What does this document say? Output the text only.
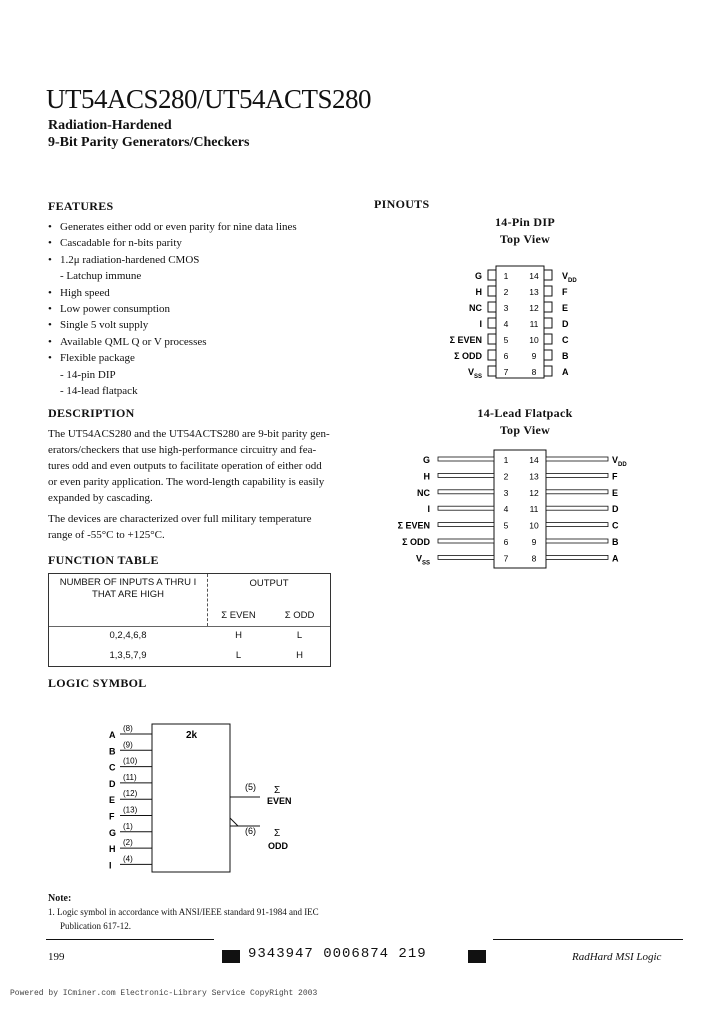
UT54ACS280/UT54ACTS280
Radiation-Hardened
9-Bit Parity Generators/Checkers
FEATURES
• Generates either odd or even parity for nine data lines
• Cascadable for n-bits parity
• 1.2μ radiation-hardened CMOS
- Latchup immune
• High speed
• Low power consumption
• Single 5 volt supply
• Available QML Q or V processes
• Flexible package
- 14-pin DIP
- 14-lead flatpack
DESCRIPTION
The UT54ACS280 and the UT54ACTS280 are 9-bit parity gen-
erators/checkers that use high-performance circuitry and fea-
tures odd and even outputs to facilitate operation of either odd
or even parity application. The word-length capability is easily
expanded by cascading.
The devices are characterized over full military temperature
range of -55°C to +125°C.
FUNCTION TABLE
NUMBER OF INPUTS A THRU I
THAT ARE HIGH
OUTPUT
Σ EVEN	Σ ODD
0,2,4,6,8	H	L
1,3,5,7,9	L	H
LOGIC SYMBOL
2k
A
(8)
B
(9)
C
(10)
D
(11)
E
(12)
F
(13)
G
(1)
H
(2)
I
(4)
(5) Σ
EVEN
(6) Σ
ODD
PINOUTS
14-Pin DIP
Top View
G	$V_{DD}$
1 14
H	F
2 13
NC	E
3 12
I	D
4 11
Σ EVEN	C
5 10
Σ ODD	B
6	9
$V_{SS}$	A
7	8
14-Lead Flatpack
Top View
G	$V_{DD}$
1 14
H	F
2 13
NC	E
3 12
I	D
4 11
Σ EVEN	C
5 10
Σ ODD	B
6	9
$V_{SS}$	A
7	8
Note:
1. Logic symbol in accordance with ANSI/IEEE standard 91-1984 and IEC
Publication 617-12.
199	9343947 0006874 219	RadHard MSI Logic
Powered by ICminer.com Electronic-Library Service CopyRight 2003
